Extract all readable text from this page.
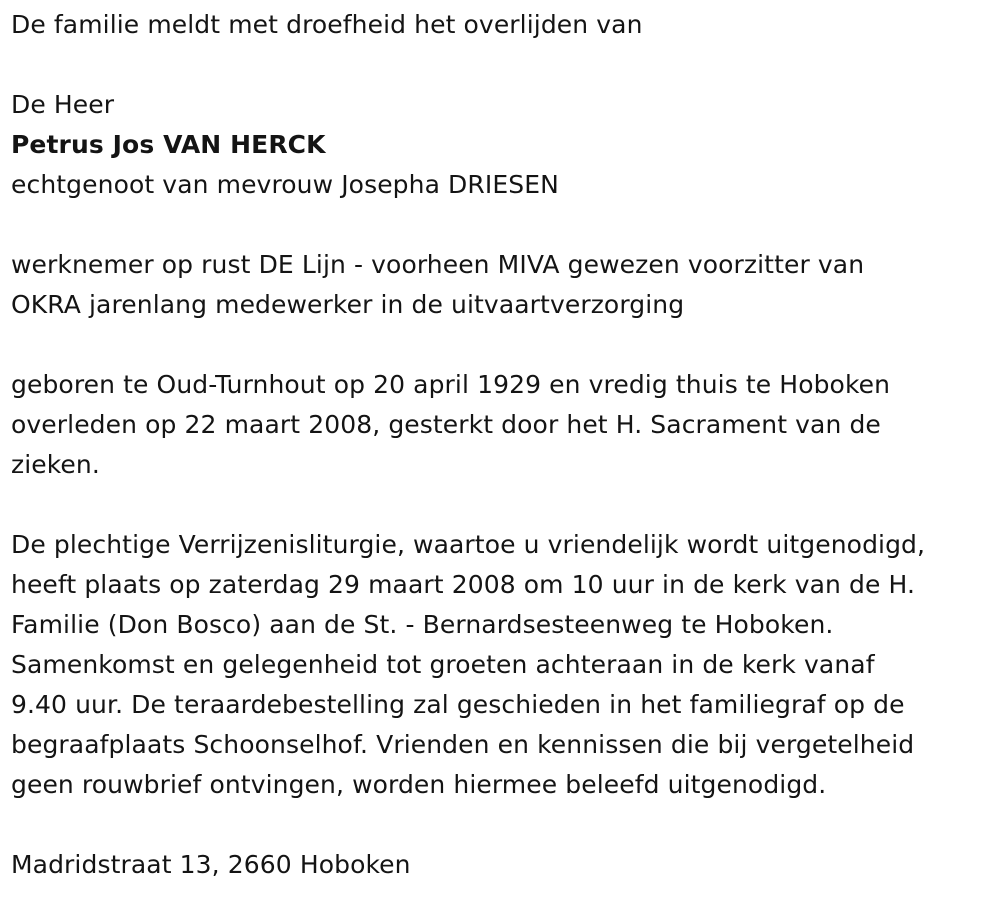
De familie meldt met droefheid het overlijden van
De Heer
Petrus Jos VAN HERCK
echtgenoot van mevrouw Josepha DRIESEN
werknemer op rust DE Lijn - voorheen MIVA gewezen voorzitter van
OKRA jarenlang medewerker in de uitvaartverzorging
geboren te Oud-Turnhout op 20 april 1929 en vredig thuis te Hoboken
overleden op 22 maart 2008, gesterkt door het H. Sacrament van de
zieken.
De plechtige Verrijzenisliturgie, waartoe u vriendelijk wordt uitgenodigd,
heeft plaats op zaterdag 29 maart 2008 om 10 uur in de kerk van de H.
Familie (Don Bosco) aan de St. - Bernardsesteenweg te Hoboken.
Samenkomst en gelegenheid tot groeten achteraan in de kerk vanaf
9.40 uur. De teraardebestelling zal geschieden in het familiegraf op de
begraafplaats Schoonselhof. Vrienden en kennissen die bij vergetelheid
geen rouwbrief ontvingen, worden hiermee beleefd uitgenodigd.
Madridstraat 13, 2660 Hoboken
